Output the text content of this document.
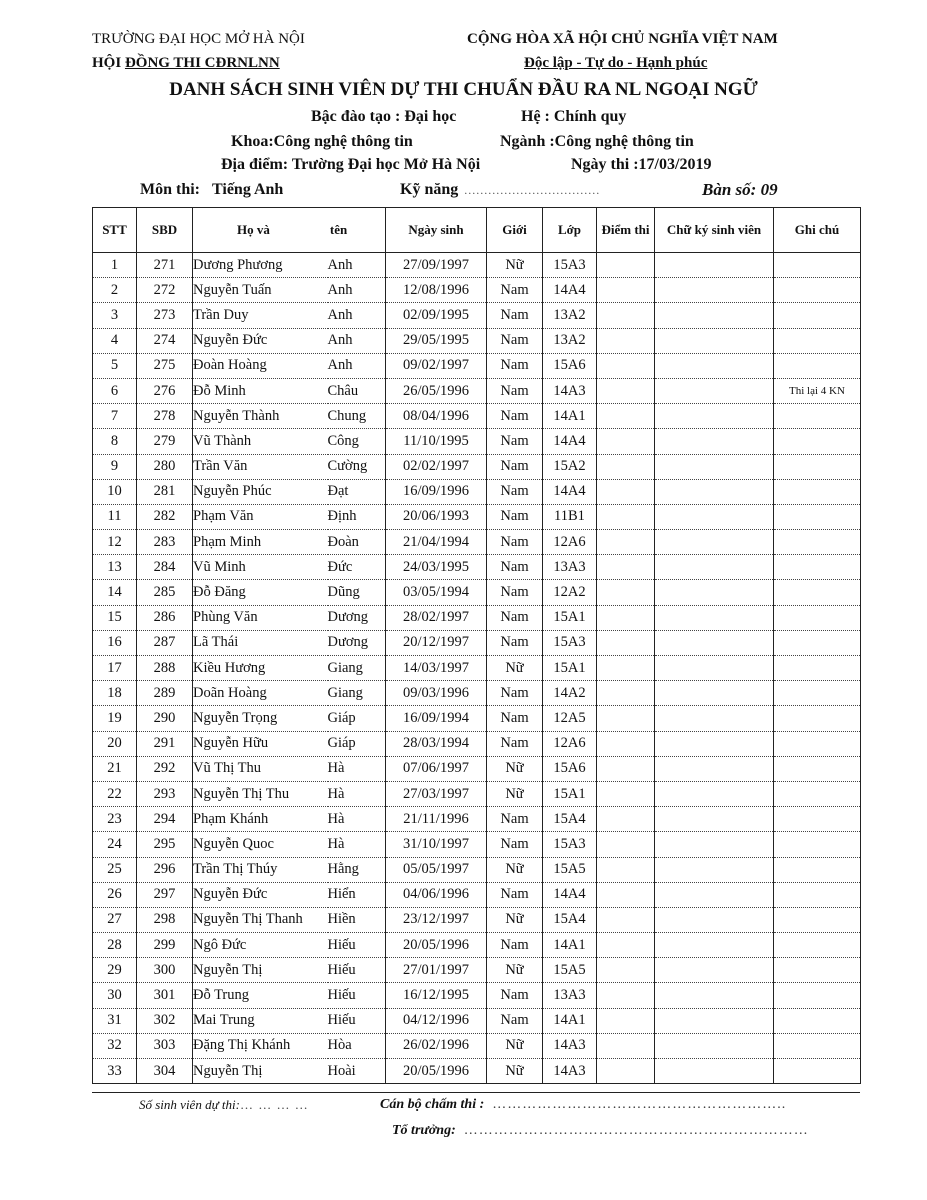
TRƯỜNG ĐẠI HỌC MỞ HÀ NỘI
HỘI ĐỒNG THI CĐRNLNN
CỘNG HÒA XÃ HỘI CHỦ NGHĨA VIỆT NAM
Độc lập - Tự do - Hạnh phúc
DANH SÁCH SINH VIÊN DỰ THI CHUẨN ĐẦU RA NL NGOẠI NGỮ
Bậc đào tạo : Đại học	Hệ : Chính quy
Khoa:Công nghệ thông tin	Ngành :Công nghệ thông tin
Địa điểm: Trường Đại học Mở Hà Nội	Ngày thi :17/03/2019
Môn thi: Tiếng Anh	Kỹ năng ..................................	Bàn số: 09
STT	SBD	Họ và tên		Ngày sinh	Giới	Lớp	Điểm thi	Chữ ký sinh viên	Ghi chú
1	271	Dương Phương	Anh	27/09/1997	Nữ	15A3			
2	272	Nguyễn Tuấn	Anh	12/08/1996	Nam	14A4			
3	273	Trần Duy	Anh	02/09/1995	Nam	13A2			
4	274	Nguyễn Đức	Anh	29/05/1995	Nam	13A2			
5	275	Đoàn Hoàng	Anh	09/02/1997	Nam	15A6			
6	276	Đỗ Minh	Châu	26/05/1996	Nam	14A3			Thi lại 4 KN
7	278	Nguyễn Thành	Chung	08/04/1996	Nam	14A1			
8	279	Vũ Thành	Công	11/10/1995	Nam	14A4			
9	280	Trần Văn	Cường	02/02/1997	Nam	15A2			
10	281	Nguyễn Phúc	Đạt	16/09/1996	Nam	14A4			
11	282	Phạm Văn	Định	20/06/1993	Nam	11B1			
12	283	Phạm Minh	Đoàn	21/04/1994	Nam	12A6			
13	284	Vũ Minh	Đức	24/03/1995	Nam	13A3			
14	285	Đỗ Đăng	Dũng	03/05/1994	Nam	12A2			
15	286	Phùng Văn	Dương	28/02/1997	Nam	15A1			
16	287	Lã Thái	Dương	20/12/1997	Nam	15A3			
17	288	Kiều Hương	Giang	14/03/1997	Nữ	15A1			
18	289	Doãn Hoàng	Giang	09/03/1996	Nam	14A2			
19	290	Nguyễn Trọng	Giáp	16/09/1994	Nam	12A5			
20	291	Nguyễn Hữu	Giáp	28/03/1994	Nam	12A6			
21	292	Vũ Thị Thu	Hà	07/06/1997	Nữ	15A6			
22	293	Nguyễn Thị Thu	Hà	27/03/1997	Nữ	15A1			
23	294	Phạm Khánh	Hà	21/11/1996	Nam	15A4			
24	295	Nguyễn Quoc	Hà	31/10/1997	Nam	15A3			
25	296	Trần Thị Thúy	Hằng	05/05/1997	Nữ	15A5			
26	297	Nguyễn Đức	Hiển	04/06/1996	Nam	14A4			
27	298	Nguyễn Thị Thanh	Hiền	23/12/1997	Nữ	15A4			
28	299	Ngô Đức	Hiếu	20/05/1996	Nam	14A1			
29	300	Nguyễn Thị	Hiếu	27/01/1997	Nữ	15A5			
30	301	Đỗ Trung	Hiếu	16/12/1995	Nam	13A3			
31	302	Mai Trung	Hiếu	04/12/1996	Nam	14A1			
32	303	Đặng Thị Khánh	Hòa	26/02/1996	Nữ	14A3			
33	304	Nguyễn Thị	Hoài	20/05/1996	Nữ	14A3			
Số sinh viên dự thi:… … … …	Cán bộ chấm thi : …………………………………………………..
Tổ trưởng: ……………………………………………………………
